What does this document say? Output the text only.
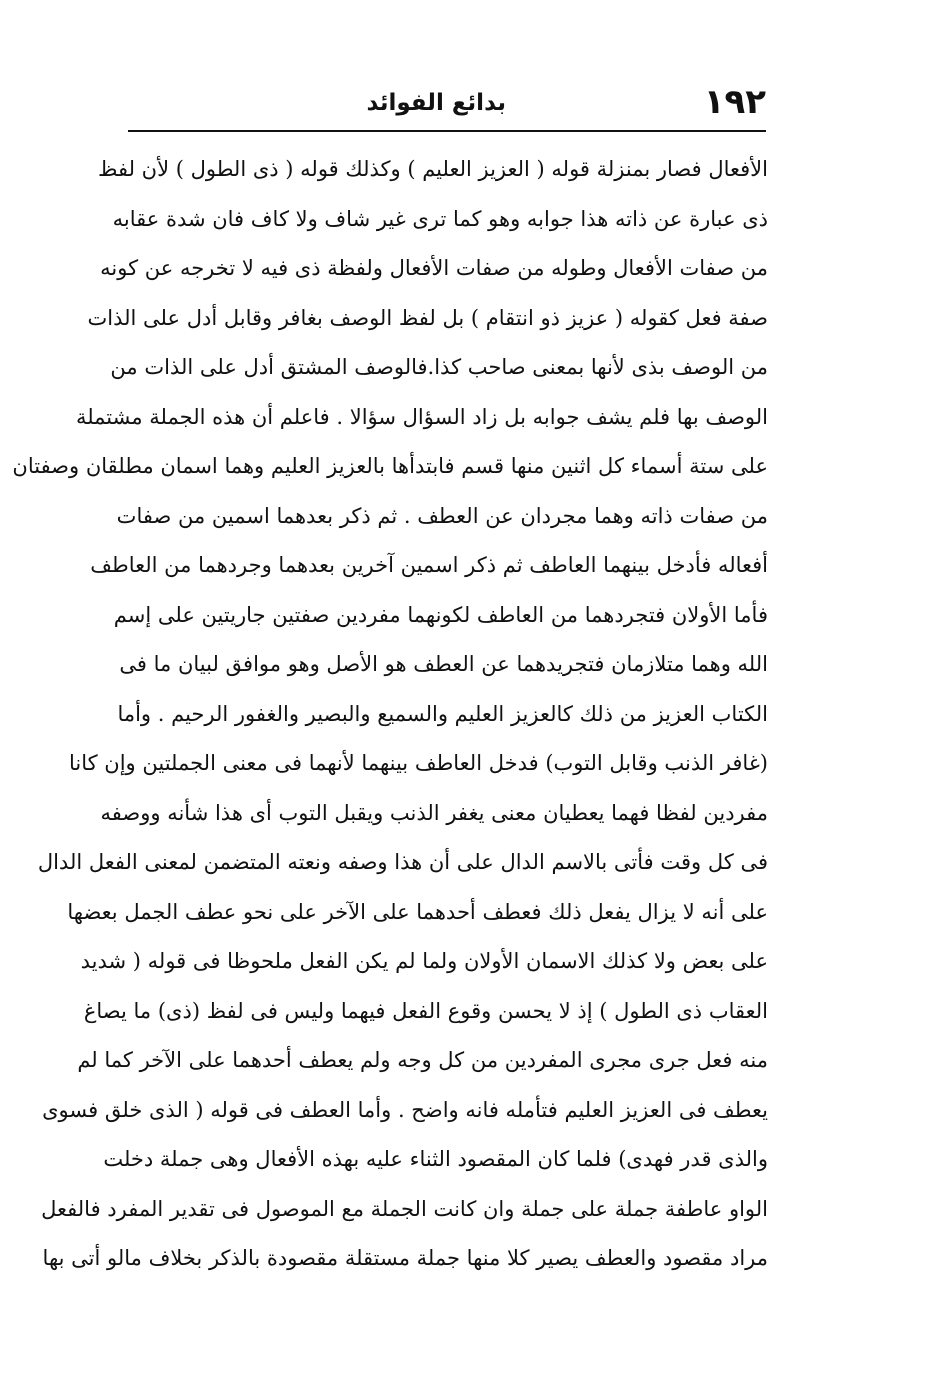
١٩٢
بدائع الفوائد
الأفعال فصار بمنزلة قوله ( العزيز العليم ) وكذلك قوله ( ذى الطول ) لأن لفظ
ذى عبارة عن ذاته هذا جوابه وهو كما ترى غير شاف ولا كاف فان شدة عقابه
من صفات الأفعال وطوله من صفات الأفعال ولفظة ذى فيه لا تخرجه عن كونه
صفة فعل كقوله ( عزيز ذو انتقام ) بل لفظ الوصف بغافر وقابل أدل على الذات
من الوصف بذى لأنها بمعنى صاحب كذا.فالوصف المشتق أدل على الذات من
الوصف بها فلم يشف جوابه بل زاد السؤال سؤالا . فاعلم أن هذه الجملة مشتملة
على ستة أسماء كل اثنين منها قسم فابتدأها بالعزيز العليم وهما اسمان مطلقان وصفتان
من صفات ذاته وهما مجردان عن العطف . ثم ذكر بعدهما اسمين من صفات
أفعاله فأدخل بينهما العاطف ثم ذكر اسمين آخرين بعدهما وجردهما من العاطف
فأما الأولان فتجردهما من العاطف لكونهما مفردين صفتين جاريتين على إسم
الله وهما متلازمان فتجريدهما عن العطف هو الأصل وهو موافق لبيان ما فى
الكتاب العزيز من ذلك كالعزيز العليم والسميع والبصير والغفور الرحيم . وأما
(غافر الذنب وقابل التوب) فدخل العاطف بينهما لأنهما فى معنى الجملتين وإن كانا
مفردين لفظا فهما يعطيان معنى يغفر الذنب ويقبل التوب أى هذا شأنه ووصفه
فى كل وقت فأتى بالاسم الدال على أن هذا وصفه ونعته المتضمن لمعنى الفعل الدال
على أنه لا يزال يفعل ذلك فعطف أحدهما على الآخر على نحو عطف الجمل بعضها
على بعض ولا كذلك الاسمان الأولان ولما لم يكن الفعل ملحوظا فى قوله ( شديد
العقاب ذى الطول ) إذ لا يحسن وقوع الفعل فيهما وليس فى لفظ (ذى) ما يصاغ
منه فعل جرى مجرى المفردين من كل وجه ولم يعطف أحدهما على الآخر كما لم
يعطف فى العزيز العليم فتأمله فانه واضح . وأما العطف فى قوله ( الذى خلق فسوى
والذى قدر فهدى) فلما كان المقصود الثناء عليه بهذه الأفعال وهى جملة دخلت
الواو عاطفة جملة على جملة وان كانت الجملة مع الموصول فى تقدير المفرد فالفعل
مراد مقصود والعطف يصير كلا منها جملة مستقلة مقصودة بالذكر بخلاف مالو أتى بها
